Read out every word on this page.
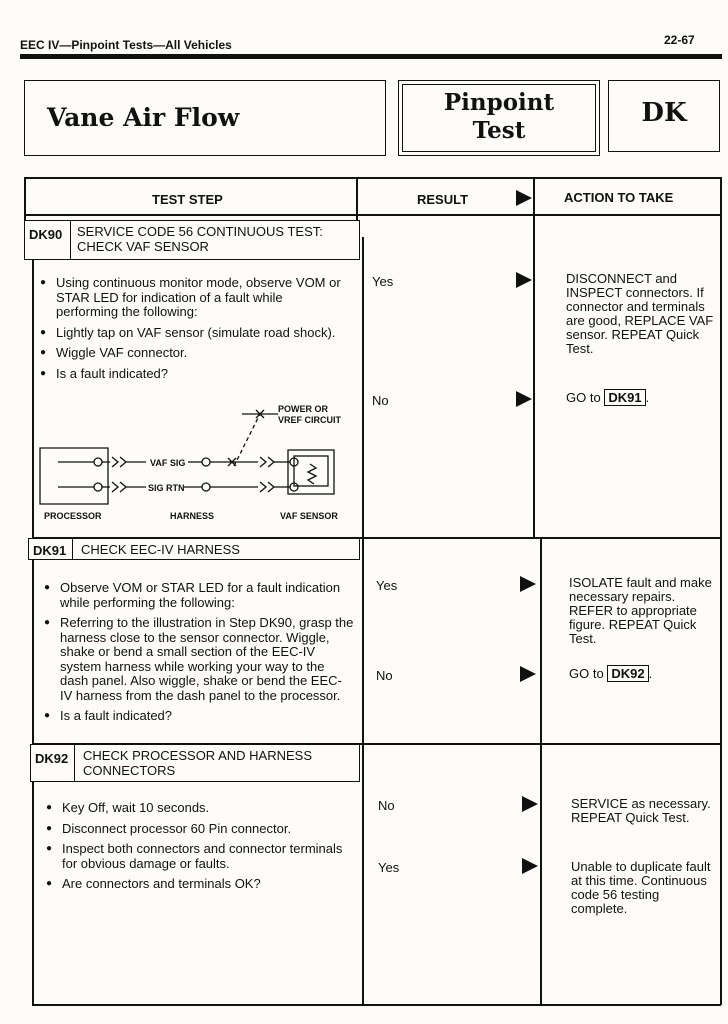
EEC IV—Pinpoint Tests—All Vehicles	22-67
Vane Air Flow
Pinpoint
Test
DK
TEST STEP	RESULT	ACTION TO TAKE
DK90	SERVICE CODE 56 CONTINUOUS TEST: CHECK VAF SENSOR
● Using continuous monitor mode, observe VOM or STAR LED for indication of a fault while performing the following:
● Lightly tap on VAF sensor (simulate road shock).
● Wiggle VAF connector.
● Is a fault indicated?
Yes	DISCONNECT and INSPECT connectors. If connector and terminals are good, REPLACE VAF sensor. REPEAT Quick Test.
No	GO to DK91 .
POWER OR
VREF CIRCUIT
VAF SIG
SIG RTN
PROCESSOR	HARNESS	VAF SENSOR
DK91	CHECK EEC-IV HARNESS
● Observe VOM or STAR LED for a fault indication while performing the following:
● Referring to the illustration in Step DK90, grasp the harness close to the sensor connector. Wiggle, shake or bend a small section of the EEC-IV system harness while working your way to the dash panel. Also wiggle, shake or bend the EEC-IV harness from the dash panel to the processor.
● Is a fault indicated?
Yes	ISOLATE fault and make necessary repairs. REFER to appropriate figure. REPEAT Quick Test.
No	GO to DK92 .
DK92	CHECK PROCESSOR AND HARNESS CONNECTORS
● Key Off, wait 10 seconds.
● Disconnect processor 60 Pin connector.
● Inspect both connectors and connector terminals for obvious damage or faults.
● Are connectors and terminals OK?
No	SERVICE as necessary. REPEAT Quick Test.
Yes	Unable to duplicate fault at this time. Continuous code 56 testing complete.
